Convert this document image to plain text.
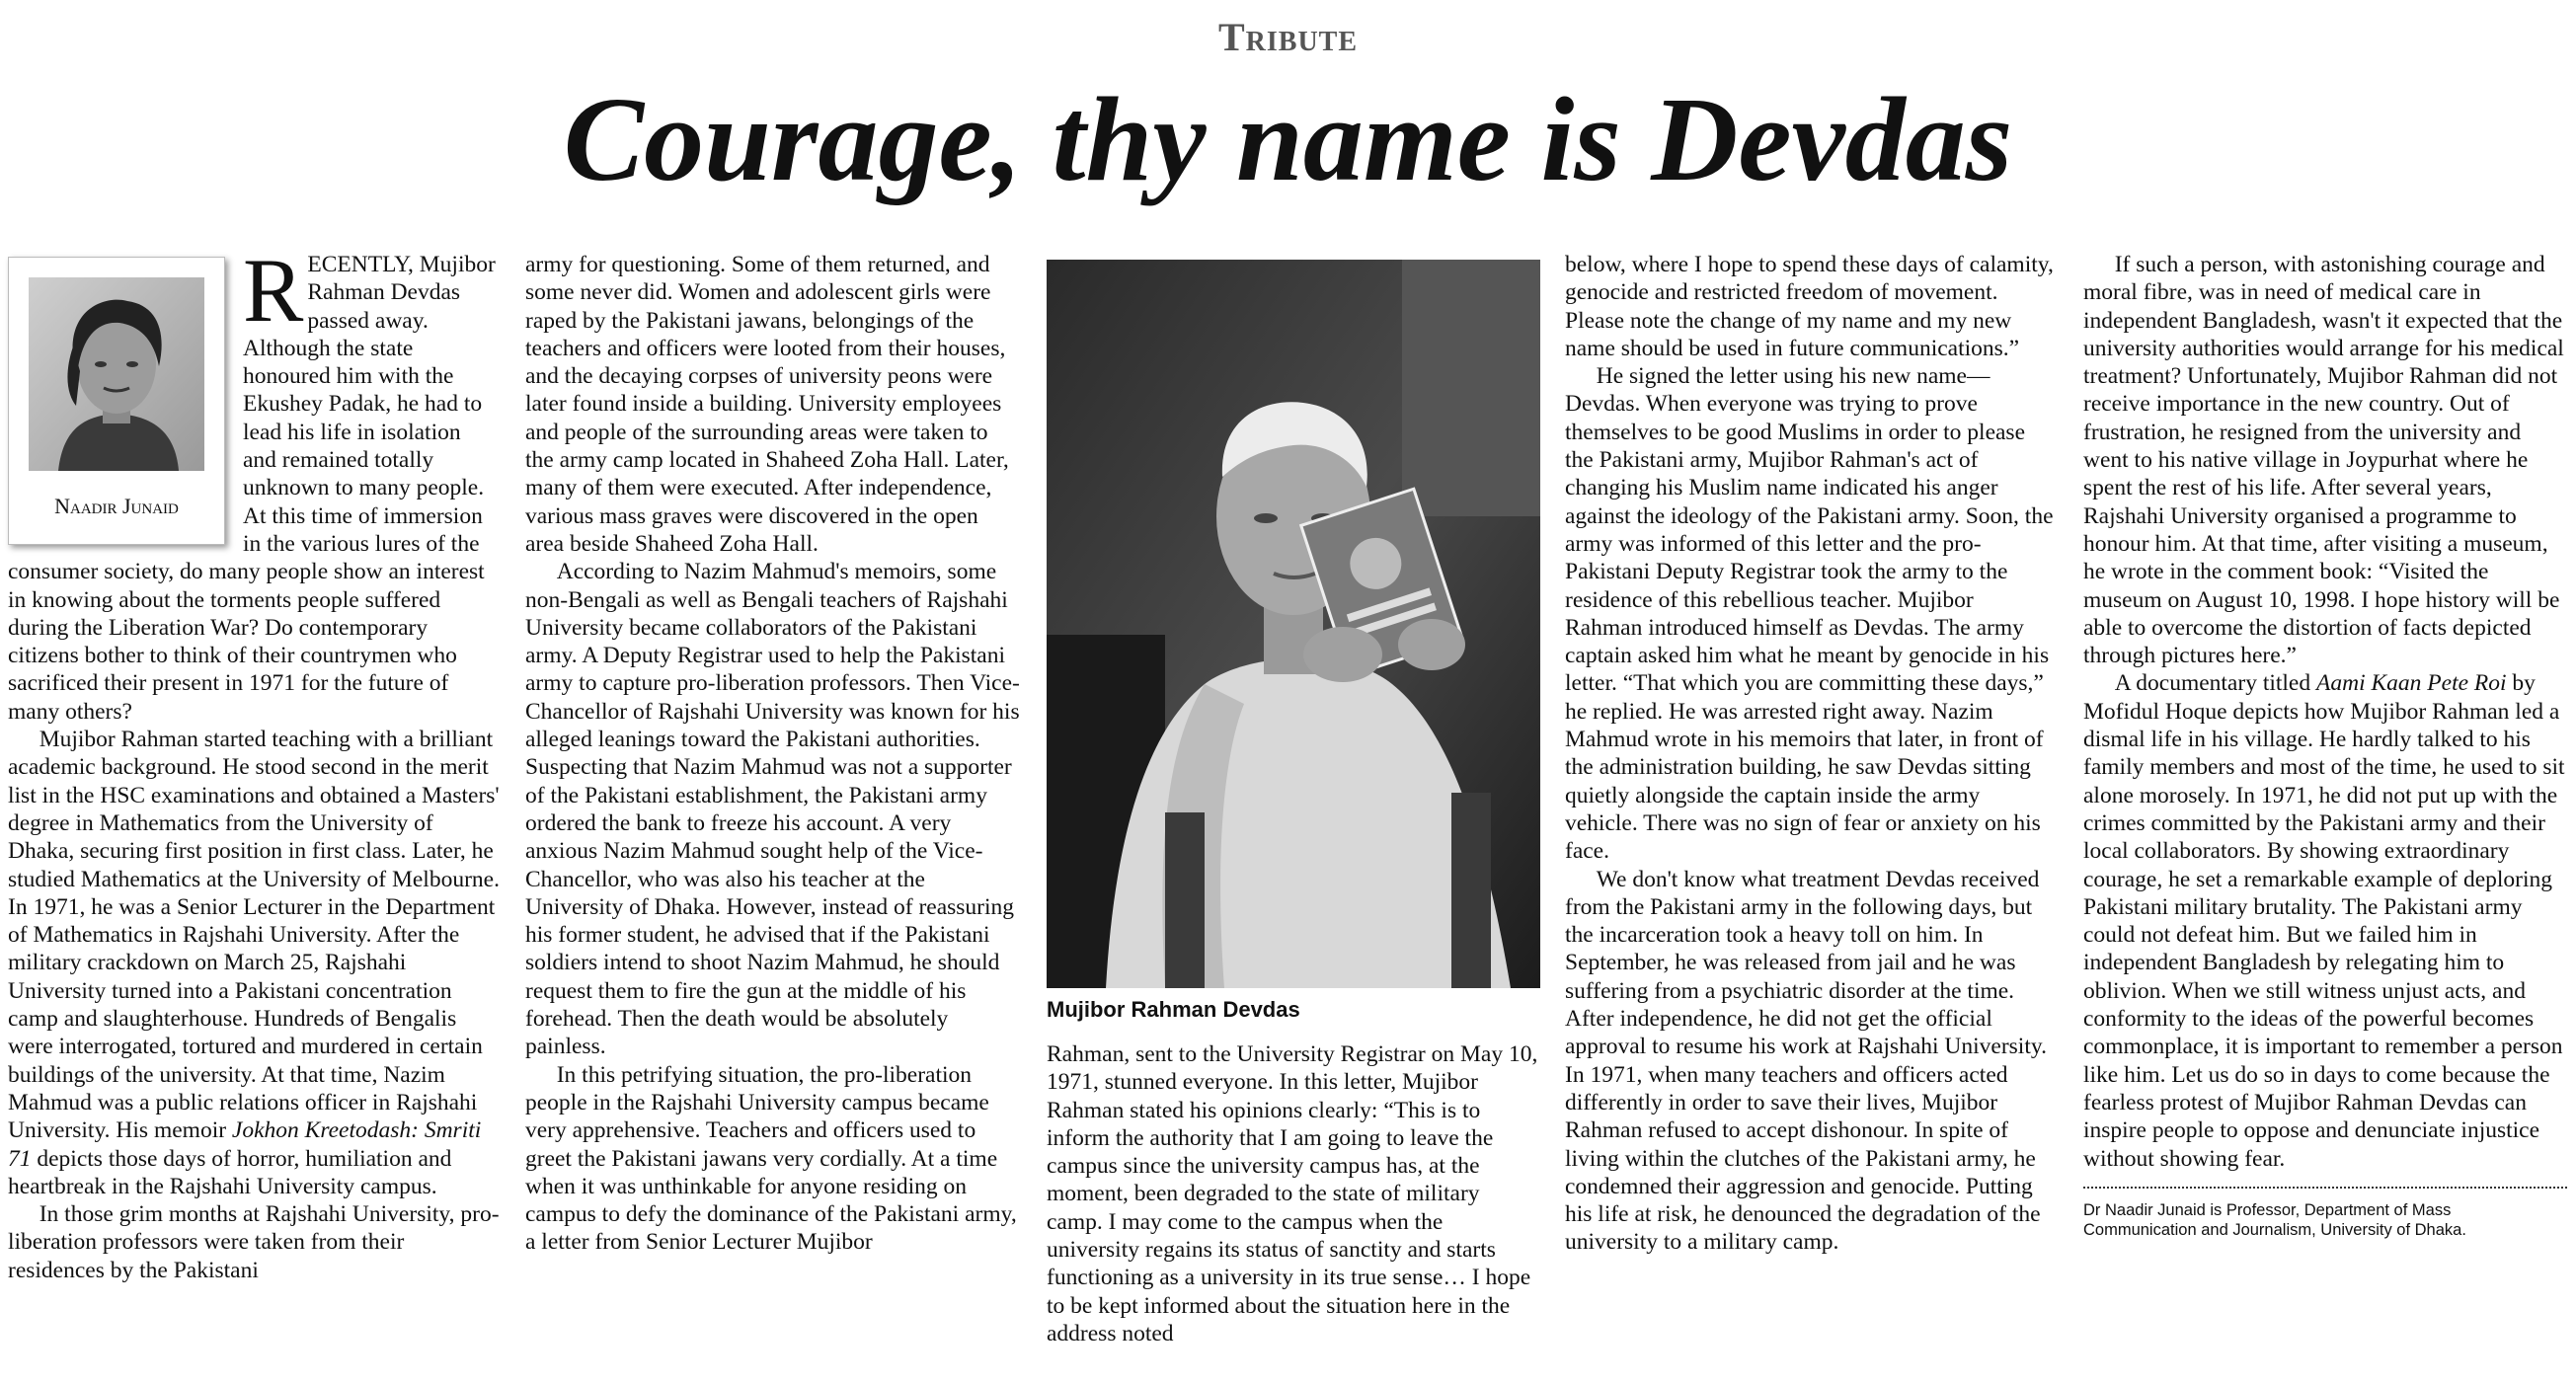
Tribute
Courage, thy name is Devdas
Naadir Junaid

RECENTLY, Mujibor Rahman Devdas passed away. Although the state honoured him with the Ekushey Padak, he had to lead his life in isolation and remained totally unknown to many people. At this time of immersion in the various lures of the consumer society, do many people show an interest in knowing about the torments people suffered during the Liberation War? Do contemporary citizens bother to think of their countrymen who sacrificed their present in 1971 for the future of many others?

Mujibor Rahman started teaching with a brilliant academic background. He stood second in the merit list in the HSC examinations and obtained a Masters' degree in Mathematics from the University of Dhaka, securing first position in first class. Later, he studied Mathematics at the University of Melbourne. In 1971, he was a Senior Lecturer in the Department of Mathematics in Rajshahi University. After the military crackdown on March 25, Rajshahi University turned into a Pakistani concentration camp and slaughterhouse. Hundreds of Bengalis were interrogated, tortured and murdered in certain buildings of the university. At that time, Nazim Mahmud was a public relations officer in Rajshahi University. His memoir Jokhon Kreetodash: Smriti 71 depicts those days of horror, humiliation and heartbreak in the Rajshahi University campus.

In those grim months at Rajshahi University, pro-liberation professors were taken from their residences by the Pakistani

army for questioning. Some of them returned, and some never did. Women and adolescent girls were raped by the Pakistani jawans, belongings of the teachers and officers were looted from their houses, and the decaying corpses of university peons were later found inside a building. University employees and people of the surrounding areas were taken to the army camp located in Shaheed Zoha Hall. Later, many of them were executed. After independence, various mass graves were discovered in the open area beside Shaheed Zoha Hall.

According to Nazim Mahmud's memoirs, some non-Bengali as well as Bengali teachers of Rajshahi University became collaborators of the Pakistani army. A Deputy Registrar used to help the Pakistani army to capture pro-liberation professors. Then Vice-Chancellor of Rajshahi University was known for his alleged leanings toward the Pakistani authorities. Suspecting that Nazim Mahmud was not a supporter of the Pakistani establishment, the Pakistani army ordered the bank to freeze his account. A very anxious Nazim Mahmud sought help of the Vice-Chancellor, who was also his teacher at the University of Dhaka. However, instead of reassuring his former student, he advised that if the Pakistani soldiers intend to shoot Nazim Mahmud, he should request them to fire the gun at the middle of his forehead. Then the death would be absolutely painless.

In this petrifying situation, the pro-liberation people in the Rajshahi University campus became very apprehensive. Teachers and officers used to greet the Pakistani jawans very cordially. At a time when it was unthinkable for anyone residing on campus to defy the dominance of the Pakistani army, a letter from Senior Lecturer Mujibor

Mujibor Rahman Devdas

Rahman, sent to the University Registrar on May 10, 1971, stunned everyone. In this letter, Mujibor Rahman stated his opinions clearly: “This is to inform the authority that I am going to leave the campus since the university campus has, at the moment, been degraded to the state of military camp. I may come to the campus when the university regains its status of sanctity and starts functioning as a university in its true sense… I hope to be kept informed about the situation here in the address noted

below, where I hope to spend these days of calamity, genocide and restricted freedom of movement. Please note the change of my name and my new name should be used in future communications.”

He signed the letter using his new name—Devdas. When everyone was trying to prove themselves to be good Muslims in order to please the Pakistani army, Mujibor Rahman's act of changing his Muslim name indicated his anger against the ideology of the Pakistani army. Soon, the army was informed of this letter and the pro-Pakistani Deputy Registrar took the army to the residence of this rebellious teacher. Mujibor Rahman introduced himself as Devdas. The army captain asked him what he meant by genocide in his letter. “That which you are committing these days,” he replied. He was arrested right away. Nazim Mahmud wrote in his memoirs that later, in front of the administration building, he saw Devdas sitting quietly alongside the captain inside the army vehicle. There was no sign of fear or anxiety on his face.

We don't know what treatment Devdas received from the Pakistani army in the following days, but the incarceration took a heavy toll on him. In September, he was released from jail and he was suffering from a psychiatric disorder at the time. After independence, he did not get the official approval to resume his work at Rajshahi University. In 1971, when many teachers and officers acted differently in order to save their lives, Mujibor Rahman refused to accept dishonour. In spite of living within the clutches of the Pakistani army, he condemned their aggression and genocide. Putting his life at risk, he denounced the degradation of the university to a military camp.

If such a person, with astonishing courage and moral fibre, was in need of medical care in independent Bangladesh, wasn't it expected that the university authorities would arrange for his medical treatment? Unfortunately, Mujibor Rahman did not receive importance in the new country. Out of frustration, he resigned from the university and went to his native village in Joypurhat where he spent the rest of his life. After several years, Rajshahi University organised a programme to honour him. At that time, after visiting a museum, he wrote in the comment book: “Visited the museum on August 10, 1998. I hope history will be able to overcome the distortion of facts depicted through pictures here.”

A documentary titled Aami Kaan Pete Roi by Mofidul Hoque depicts how Mujibor Rahman led a dismal life in his village. He hardly talked to his family members and most of the time, he used to sit alone morosely. In 1971, he did not put up with the crimes committed by the Pakistani army and their local collaborators. By showing extraordinary courage, he set a remarkable example of deploring Pakistani military brutality. The Pakistani army could not defeat him. But we failed him in independent Bangladesh by relegating him to oblivion. When we still witness unjust acts, and conformity to the ideas of the powerful becomes commonplace, it is important to remember a person like him. Let us do so in days to come because the fearless protest of Mujibor Rahman Devdas can inspire people to oppose and denunciate injustice without showing fear.

Dr Naadir Junaid is Professor, Department of Mass Communication and Journalism, University of Dhaka.
